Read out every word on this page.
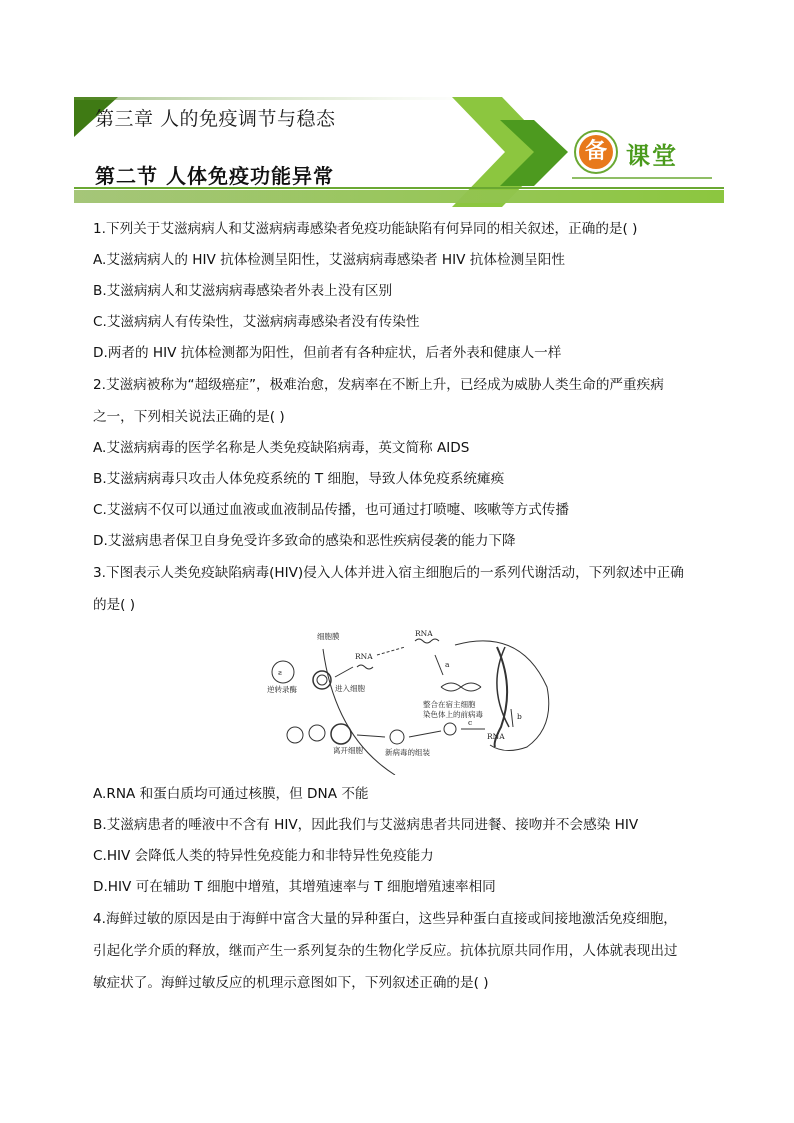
第三章 人的免疫调节与稳态
第二节 人体免疫功能异常
备 课堂
1.下列关于艾滋病病人和艾滋病病毒感染者免疫功能缺陷有何异同的相关叙述，正确的是( )
A.艾滋病病人的 HIV 抗体检测呈阳性，艾滋病病毒感染者 HIV 抗体检测呈阳性
B.艾滋病病人和艾滋病病毒感染者外表上没有区别
C.艾滋病病人有传染性，艾滋病病毒感染者没有传染性
D.两者的 HIV 抗体检测都为阳性，但前者有各种症状，后者外表和健康人一样
2.艾滋病被称为“超级癌症”，极难治愈，发病率在不断上升，已经成为威胁人类生命的严重疾病
之一，下列相关说法正确的是( )
A.艾滋病病毒的医学名称是人类免疫缺陷病毒，英文简称 AIDS
B.艾滋病病毒只攻击人体免疫系统的 T 细胞，导致人体免疫系统瘫痪
C.艾滋病不仅可以通过血液或血液制品传播，也可通过打喷嚏、咳嗽等方式传播
D.艾滋病患者保卫自身免受许多致命的感染和恶性疾病侵袭的能力下降
3.下图表示人类免疫缺陷病毒(HIV)侵入人体并进入宿主细胞后的一系列代谢活动，下列叙述中正确
的是( )
ƨ
细胞膜
RNA
RNA
a
逆转录酶	进入细胞
整合在宿主细胞
染色体上的前病毒	b
c
RNA
离开细胞	新病毒的组装
A.RNA 和蛋白质均可通过核膜，但 DNA 不能
B.艾滋病患者的唾液中不含有 HIV，因此我们与艾滋病患者共同进餐、接吻并不会感染 HIV
C.HIV 会降低人类的特异性免疫能力和非特异性免疫能力
D.HIV 可在辅助 T 细胞中增殖，其增殖速率与 T 细胞增殖速率相同
4.海鲜过敏的原因是由于海鲜中富含大量的异种蛋白，这些异种蛋白直接或间接地激活免疫细胞，
引起化学介质的释放，继而产生一系列复杂的生物化学反应。抗体抗原共同作用，人体就表现出过
敏症状了。海鲜过敏反应的机理示意图如下，下列叙述正确的是( )
